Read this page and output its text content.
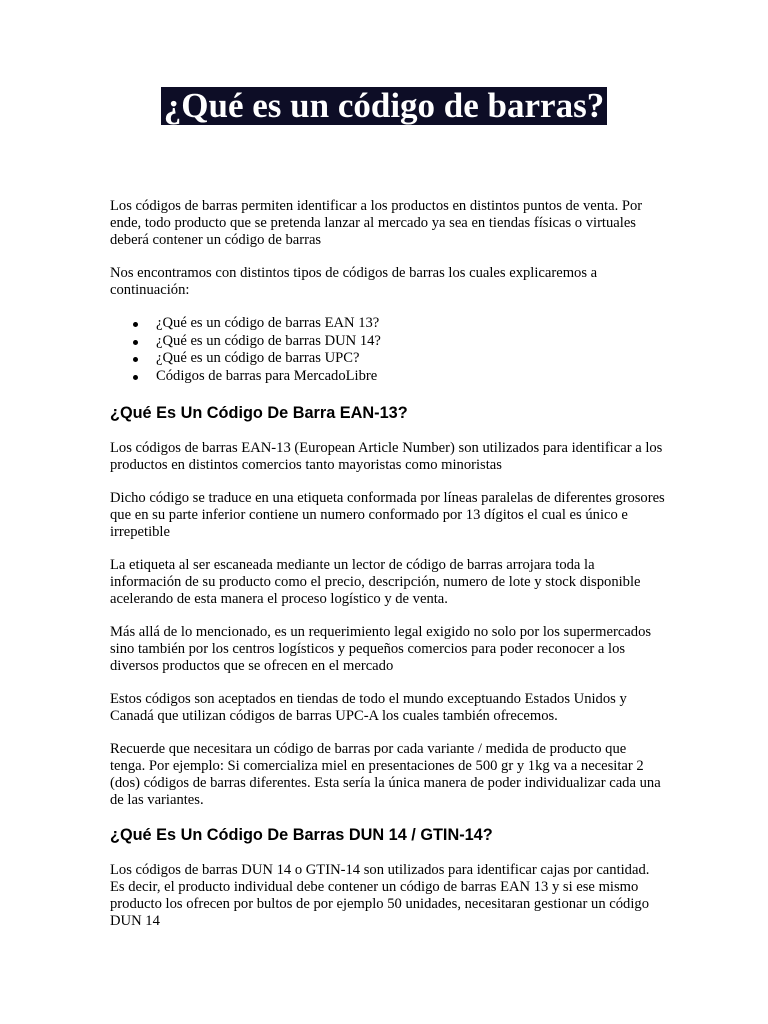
¿Qué es un código de barras?

Los códigos de barras permiten identificar a los productos en distintos puntos de venta. Por ende, todo producto que se pretenda lanzar al mercado ya sea en tiendas físicas o virtuales deberá contener un código de barras

Nos encontramos con distintos tipos de códigos de barras los cuales explicaremos a continuación:

¿Qué es un código de barras EAN 13?
¿Qué es un código de barras DUN 14?
¿Qué es un código de barras UPC?
Códigos de barras para MercadoLibre
¿Qué Es Un Código De Barra EAN-13?

Los códigos de barras EAN-13 (European Article Number) son utilizados para identificar a los productos en distintos comercios tanto mayoristas como minoristas

Dicho código se traduce en una etiqueta conformada por líneas paralelas de diferentes grosores que en su parte inferior contiene un numero conformado por 13 dígitos el cual es único e irrepetible

La etiqueta al ser escaneada mediante un lector de código de barras arrojara toda la información de su producto como el precio, descripción, numero de lote y stock disponible acelerando de esta manera el proceso logístico y de venta.

Más allá de lo mencionado, es un requerimiento legal exigido no solo por los supermercados sino también por los centros logísticos y pequeños comercios para poder reconocer a los diversos productos que se ofrecen en el mercado

Estos códigos son aceptados en tiendas de todo el mundo exceptuando Estados Unidos y Canadá que utilizan códigos de barras UPC-A los cuales también ofrecemos.

Recuerde que necesitara un código de barras por cada variante / medida de producto que tenga. Por ejemplo: Si comercializa miel en presentaciones de 500 gr y 1kg va a necesitar 2 (dos) códigos de barras diferentes. Esta sería la única manera de poder individualizar cada una de las variantes.

¿Qué Es Un Código De Barras DUN 14 / GTIN-14?

Los códigos de barras DUN 14 o GTIN-14 son utilizados para identificar cajas por cantidad. Es decir, el producto individual debe contener un código de barras EAN 13 y si ese mismo producto los ofrecen por bultos de por ejemplo 50 unidades, necesitaran gestionar un código DUN 14
